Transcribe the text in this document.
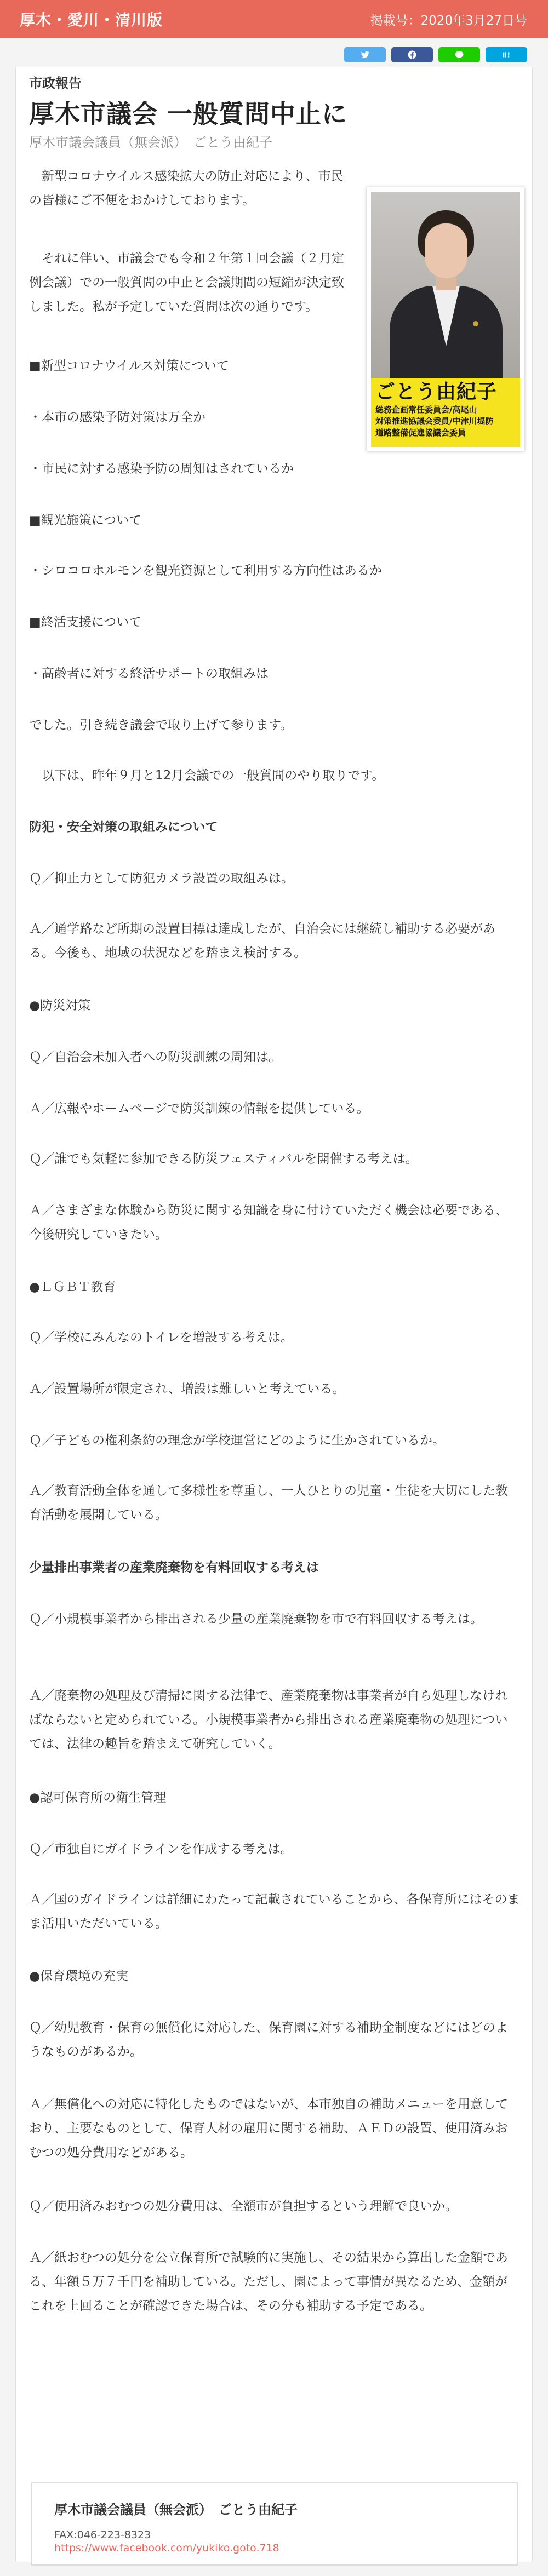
厚木・愛川・清川版	掲載号：2020年3月27日号
市政報告
厚木市議会 一般質問中止に
厚木市議会議員（無会派）　ごとう由紀子
ごとう由紀子
総務企画常任委員会/高尾山
対策推進協議会委員/中津川堤防
道路整備促進協議会委員

新型コロナウイルス感染拡大の防止対応により、市民の皆様にご不便をおかけしております。

それに伴い、市議会でも令和２年第１回会議（２月定例会議）での一般質問の中止と会議期間の短縮が決定致しました。私が予定していた質問は次の通りです。

■新型コロナウイルス対策について

・本市の感染予防対策は万全か

・市民に対する感染予防の周知はされているか

■観光施策について

・シロコロホルモンを観光資源として利用する方向性はあるか

■終活支援について

・高齢者に対する終活サポートの取組みは

でした。引き続き議会で取り上げて参ります。

以下は、昨年９月と12月会議での一般質問のやり取りです。

防犯・安全対策の取組みについて

Ｑ／抑止力として防犯カメラ設置の取組みは。

Ａ／通学路など所期の設置目標は達成したが、自治会には継続し補助する必要がある。今後も、地域の状況などを踏まえ検討する。

●防災対策

Ｑ／自治会未加入者への防災訓練の周知は。

Ａ／広報やホームページで防災訓練の情報を提供している。

Ｑ／誰でも気軽に参加できる防災フェスティバルを開催する考えは。

Ａ／さまざまな体験から防災に関する知識を身に付けていただく機会は必要である、今後研究していきたい。

●ＬＧＢＴ教育

Ｑ／学校にみんなのトイレを増設する考えは。

Ａ／設置場所が限定され、増設は難しいと考えている。

Ｑ／子どもの権利条約の理念が学校運営にどのように生かされているか。

Ａ／教育活動全体を通して多様性を尊重し、一人ひとりの児童・生徒を大切にした教育活動を展開している。

少量排出事業者の産業廃棄物を有料回収する考えは

Ｑ／小規模事業者から排出される少量の産業廃棄物を市で有料回収する考えは。

Ａ／廃棄物の処理及び清掃に関する法律で、産業廃棄物は事業者が自ら処理しなければならないと定められている。小規模事業者から排出される産業廃棄物の処理については、法律の趣旨を踏まえて研究していく。

●認可保育所の衛生管理

Ｑ／市独自にガイドラインを作成する考えは。

Ａ／国のガイドラインは詳細にわたって記載されていることから、各保育所にはそのまま活用いただいている。

●保育環境の充実

Ｑ／幼児教育・保育の無償化に対応した、保育園に対する補助金制度などにはどのようなものがあるか。

Ａ／無償化への対応に特化したものではないが、本市独自の補助メニューを用意しており、主要なものとして、保育人材の雇用に関する補助、ＡＥＤの設置、使用済みおむつの処分費用などがある。

Ｑ／使用済みおむつの処分費用は、全額市が負担するという理解で良いか。

Ａ／紙おむつの処分を公立保育所で試験的に実施し、その結果から算出した金額である、年額５万７千円を補助している。ただし、園によって事情が異なるため、金額がこれを上回ることが確認できた場合は、その分も補助する予定である。

厚木市議会議員（無会派）　ごとう由紀子
FAX:046-223-8323
https://www.facebook.com/yukiko.goto.718
